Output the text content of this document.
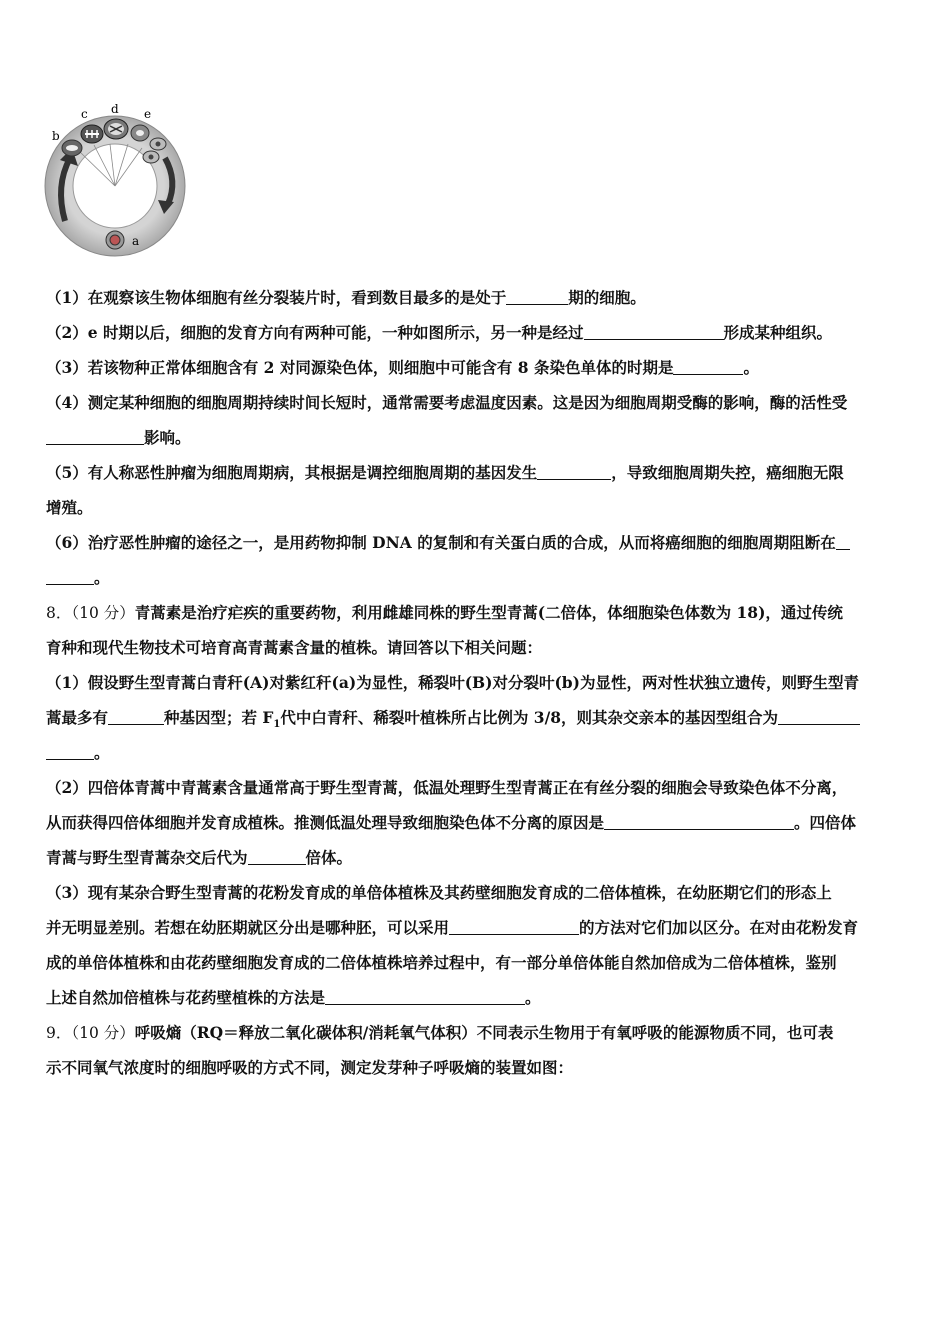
a
b
c d e
（1）在观察该生物体细胞有丝分裂装片时，看到数目最多的是处于	期的细胞。
（2）e 时期以后，细胞的发育方向有两种可能，一种如图所示，另一种是经过	形成某种组织。
（3）若该物种正常体细胞含有 2 对同源染色体，则细胞中可能含有 8 条染色单体的时期是	。
（4）测定某种细胞的细胞周期持续时间长短时，通常需要考虑温度因素。这是因为细胞周期受酶的影响，酶的活性受
影响。
（5）有人称恶性肿瘤为细胞周期病，其根据是调控细胞周期的基因发生	，导致细胞周期失控，癌细胞无限
增殖。
（6）治疗恶性肿瘤的途径之一，是用药物抑制 DNA 的复制和有关蛋白质的合成，从而将癌细胞的细胞周期阻断在
。
8．（10 分）青蒿素是治疗疟疾的重要药物，利用雌雄同株的野生型青蒿(二倍体，体细胞染色体数为 18)，通过传统
育种和现代生物技术可培育高青蒿素含量的植株。请回答以下相关问题：
（1）假设野生型青蒿白青秆(A)对紫红秆(a)为显性，稀裂叶(B)对分裂叶(b)为显性，两对性状独立遗传，则野生型青
蒿最多有	种基因型；若 $F_1$代中白青秆、稀裂叶植株所占比例为 3/8，则其杂交亲本的基因型组合为
。
（2）四倍体青蒿中青蒿素含量通常高于野生型青蒿，低温处理野生型青蒿正在有丝分裂的细胞会导致染色体不分离，
从而获得四倍体细胞并发育成植株。推测低温处理导致细胞染色体不分离的原因是	。四倍体
青蒿与野生型青蒿杂交后代为	倍体。
（3）现有某杂合野生型青蒿的花粉发育成的单倍体植株及其药壁细胞发育成的二倍体植株，在幼胚期它们的形态上
并无明显差别。若想在幼胚期就区分出是哪种胚，可以采用	的方法对它们加以区分。在对由花粉发育
成的单倍体植株和由花药壁细胞发育成的二倍体植株培养过程中，有一部分单倍体能自然加倍成为二倍体植株，鉴别
上述自然加倍植株与花药壁植株的方法是	。
9．（10 分）呼吸熵（RQ＝释放二氧化碳体积/消耗氧气体积）不同表示生物用于有氧呼吸的能源物质不同，也可表
示不同氧气浓度时的细胞呼吸的方式不同，测定发芽种子呼吸熵的装置如图：
